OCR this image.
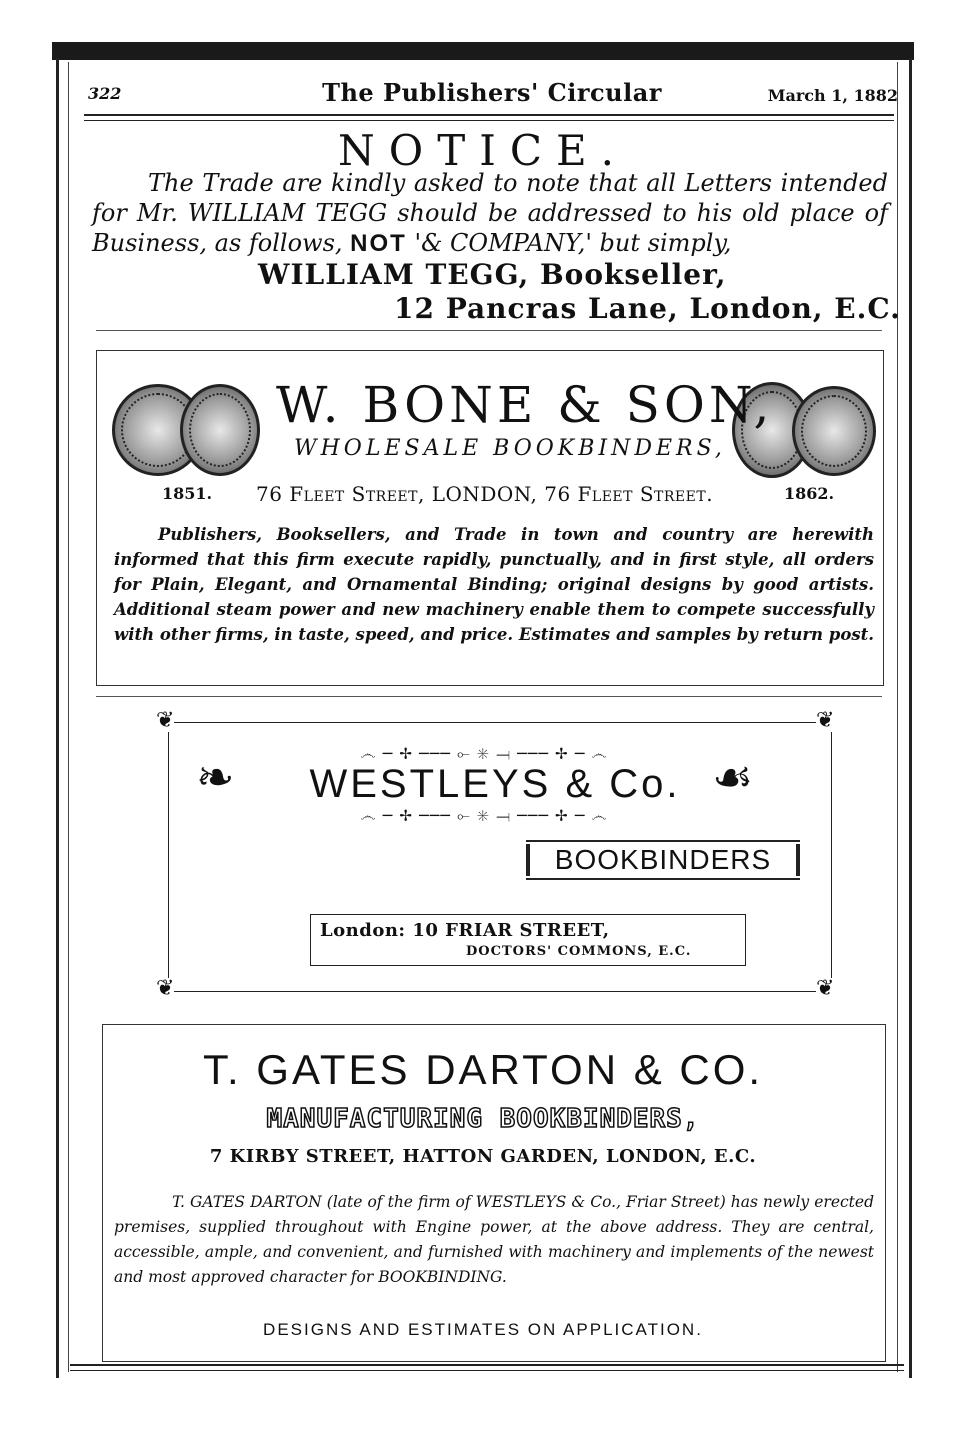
322	The Publishers' Circular	March 1, 1882
NOTICE.
The Trade are kindly asked to note that all Letters intended for Mr. WILLIAM TEGG should be addressed to his old place of Business, as follows, NOT '& COMPANY,' but simply,
WILLIAM TEGG, Bookseller,
12 Pancras Lane, London, E.C.
W. BONE & SON,
WHOLESALE BOOKBINDERS,
1851. 76 Fleet Street, LONDON, 76 Fleet Street.	1862.
Publishers, Booksellers, and Trade in town and country are herewith informed that this firm execute rapidly, punctually, and in first style, all orders for Plain, Elegant, and Ornamental Binding; original designs by good artists. Additional steam power and new machinery enable them to compete successfully with other firms, in taste, speed, and price. Estimates and samples by return post.
❦	❦
❦	❦
෴ ─ ✢ ─── ⟜ ✳ ⟞ ─── ✢ ─ ෴
෴ ─ ✢ ─── ⟜ ✳ ⟞ ─── ✢ ─ ෴
❧	☙
WESTLEYS & Co.
BOOKBINDERS
London: 10 FRIAR STREET,
DOCTORS' COMMONS, E.C.
T. GATES DARTON & CO.
MANUFACTURING BOOKBINDERS,
7 KIRBY STREET, HATTON GARDEN, LONDON, E.C.
T. GATES DARTON (late of the firm of WESTLEYS & Co., Friar Street) has newly erected premises, supplied throughout with Engine power, at the above address. They are central, accessible, ample, and convenient, and furnished with machinery and implements of the newest and most approved character for BOOKBINDING.
DESIGNS AND ESTIMATES ON APPLICATION.
